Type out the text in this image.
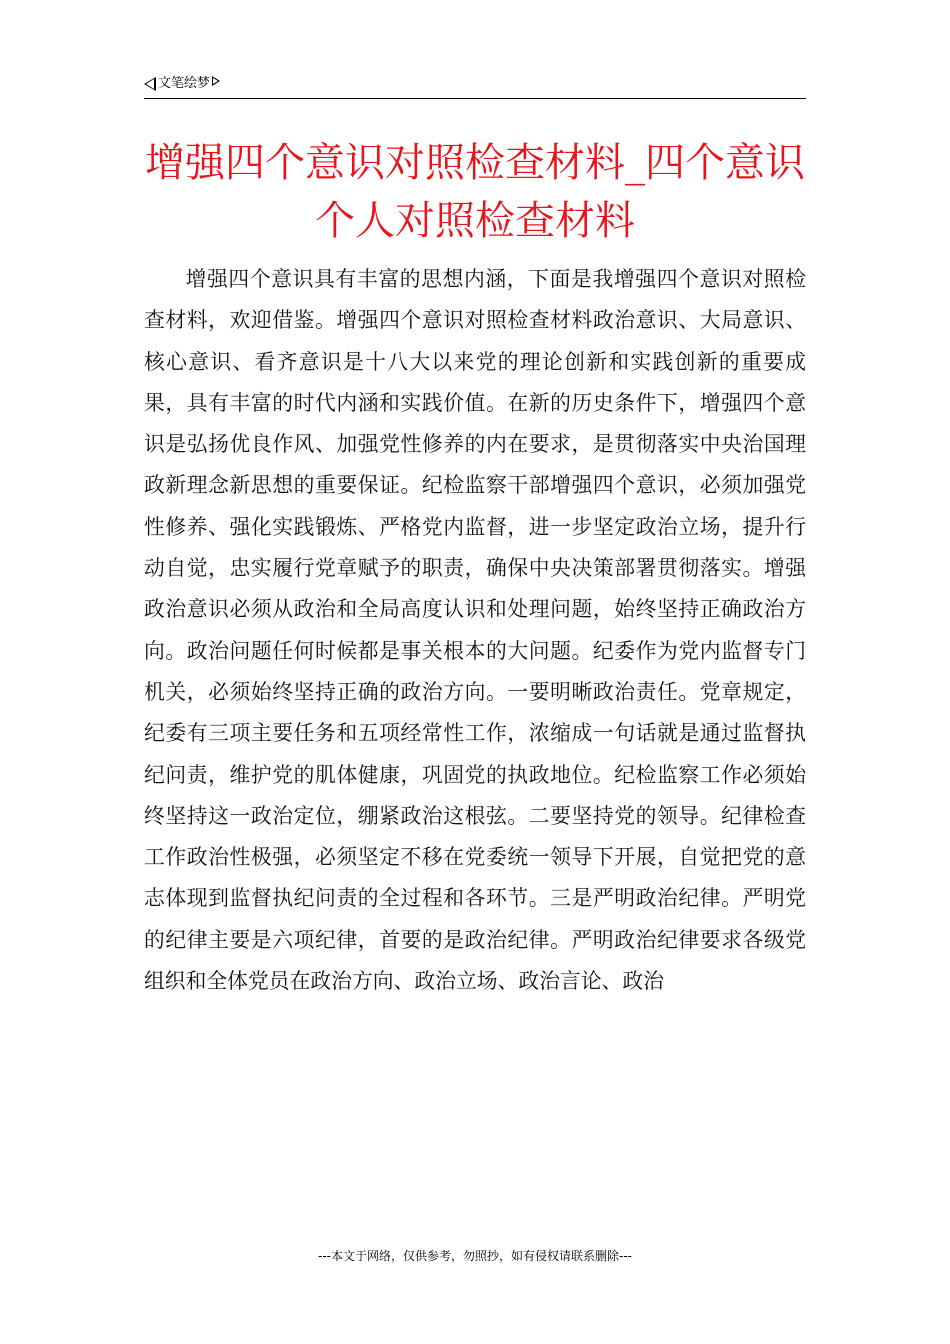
文笔绘梦
增强四个意识对照检查材料_四个意识个人对照检查材料

增强四个意识具有丰富的思想内涵，下面是我增强四个意识对照检查材料，欢迎借鉴。增强四个意识对照检查材料政治意识、大局意识、核心意识、看齐意识是十八大以来党的理论创新和实践创新的重要成果，具有丰富的时代内涵和实践价值。在新的历史条件下，增强四个意识是弘扬优良作风、加强党性修养的内在要求，是贯彻落实中央治国理政新理念新思想的重要保证。纪检监察干部增强四个意识，必须加强党性修养、强化实践锻炼、严格党内监督，进一步坚定政治立场，提升行动自觉，忠实履行党章赋予的职责，确保中央决策部署贯彻落实。增强政治意识必须从政治和全局高度认识和处理问题，始终坚持正确政治方向。政治问题任何时候都是事关根本的大问题。纪委作为党内监督专门机关，必须始终坚持正确的政治方向。一要明晰政治责任。党章规定，纪委有三项主要任务和五项经常性工作，浓缩成一句话就是通过监督执纪问责，维护党的肌体健康，巩固党的执政地位。纪检监察工作必须始终坚持这一政治定位，绷紧政治这根弦。二要坚持党的领导。纪律检查工作政治性极强，必须坚定不移在党委统一领导下开展，自觉把党的意志体现到监督执纪问责的全过程和各环节。三是严明政治纪律。严明党的纪律主要是六项纪律，首要的是政治纪律。严明政治纪律要求各级党组织和全体党员在政治方向、政治立场、政治言论、政治

---本文于网络，仅供参考，勿照抄，如有侵权请联系删除---
